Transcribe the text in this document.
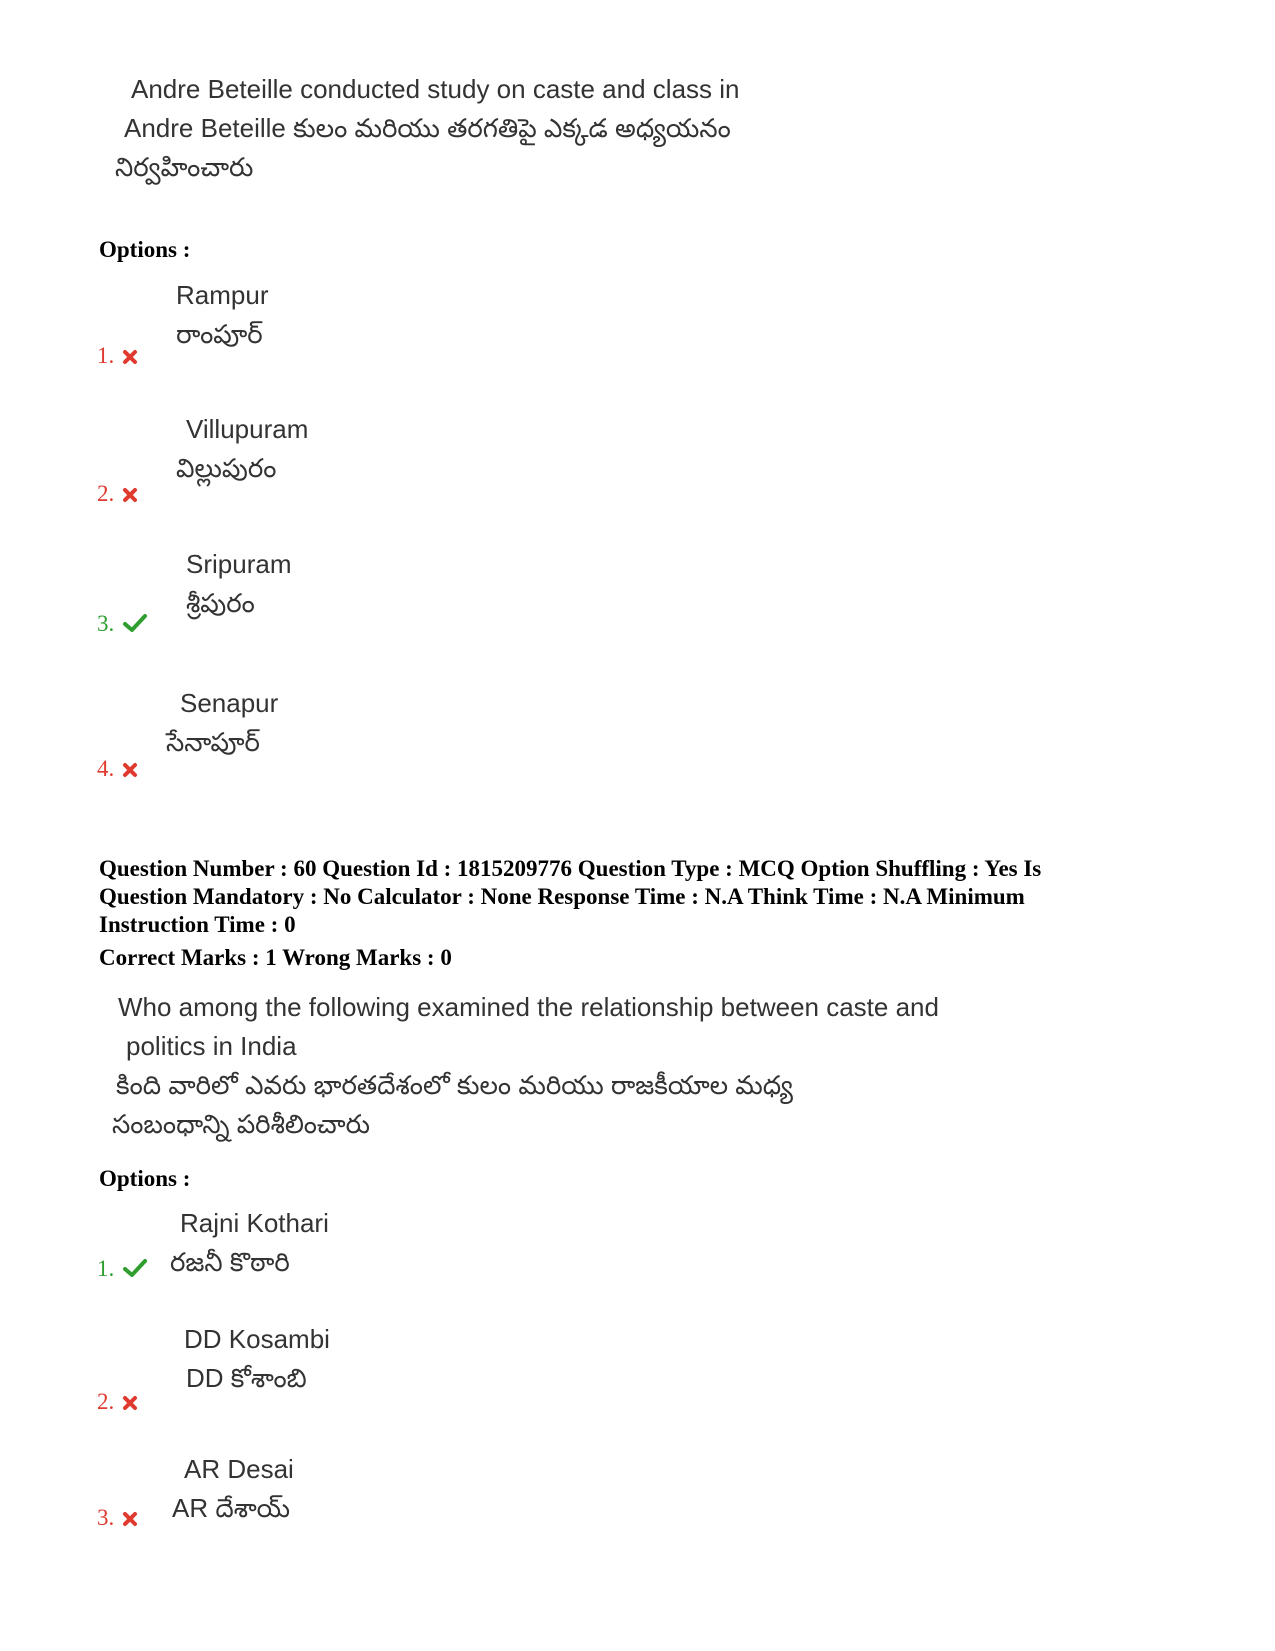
Andre Beteille conducted study on caste and class in
Andre Beteille కులం మరియు తరగతిపై ఎక్కడ అధ్యయనం
నిర్వహించారు
Options :
Rampur
రాంపూర్
1.
Villupuram
విల్లుపురం
2.
Sripuram
శ్రీపురం
3.
Senapur
సేనాపూర్
4.
Question Number : 60 Question Id : 1815209776 Question Type : MCQ Option Shuffling : Yes Is
Question Mandatory : No Calculator : None Response Time : N.A Think Time : N.A Minimum
Instruction Time : 0
Correct Marks : 1 Wrong Marks : 0
Who among the following examined the relationship between caste and
politics in India
కింది వారిలో ఎవరు భారతదేశంలో కులం మరియు రాజకీయాల మధ్య
సంబంధాన్ని పరిశీలించారు
Options :
Rajni Kothari
రజనీ కొఠారి
1.
DD Kosambi
DD కోశాంబి
2.
AR Desai
AR దేశాయ్
3.
